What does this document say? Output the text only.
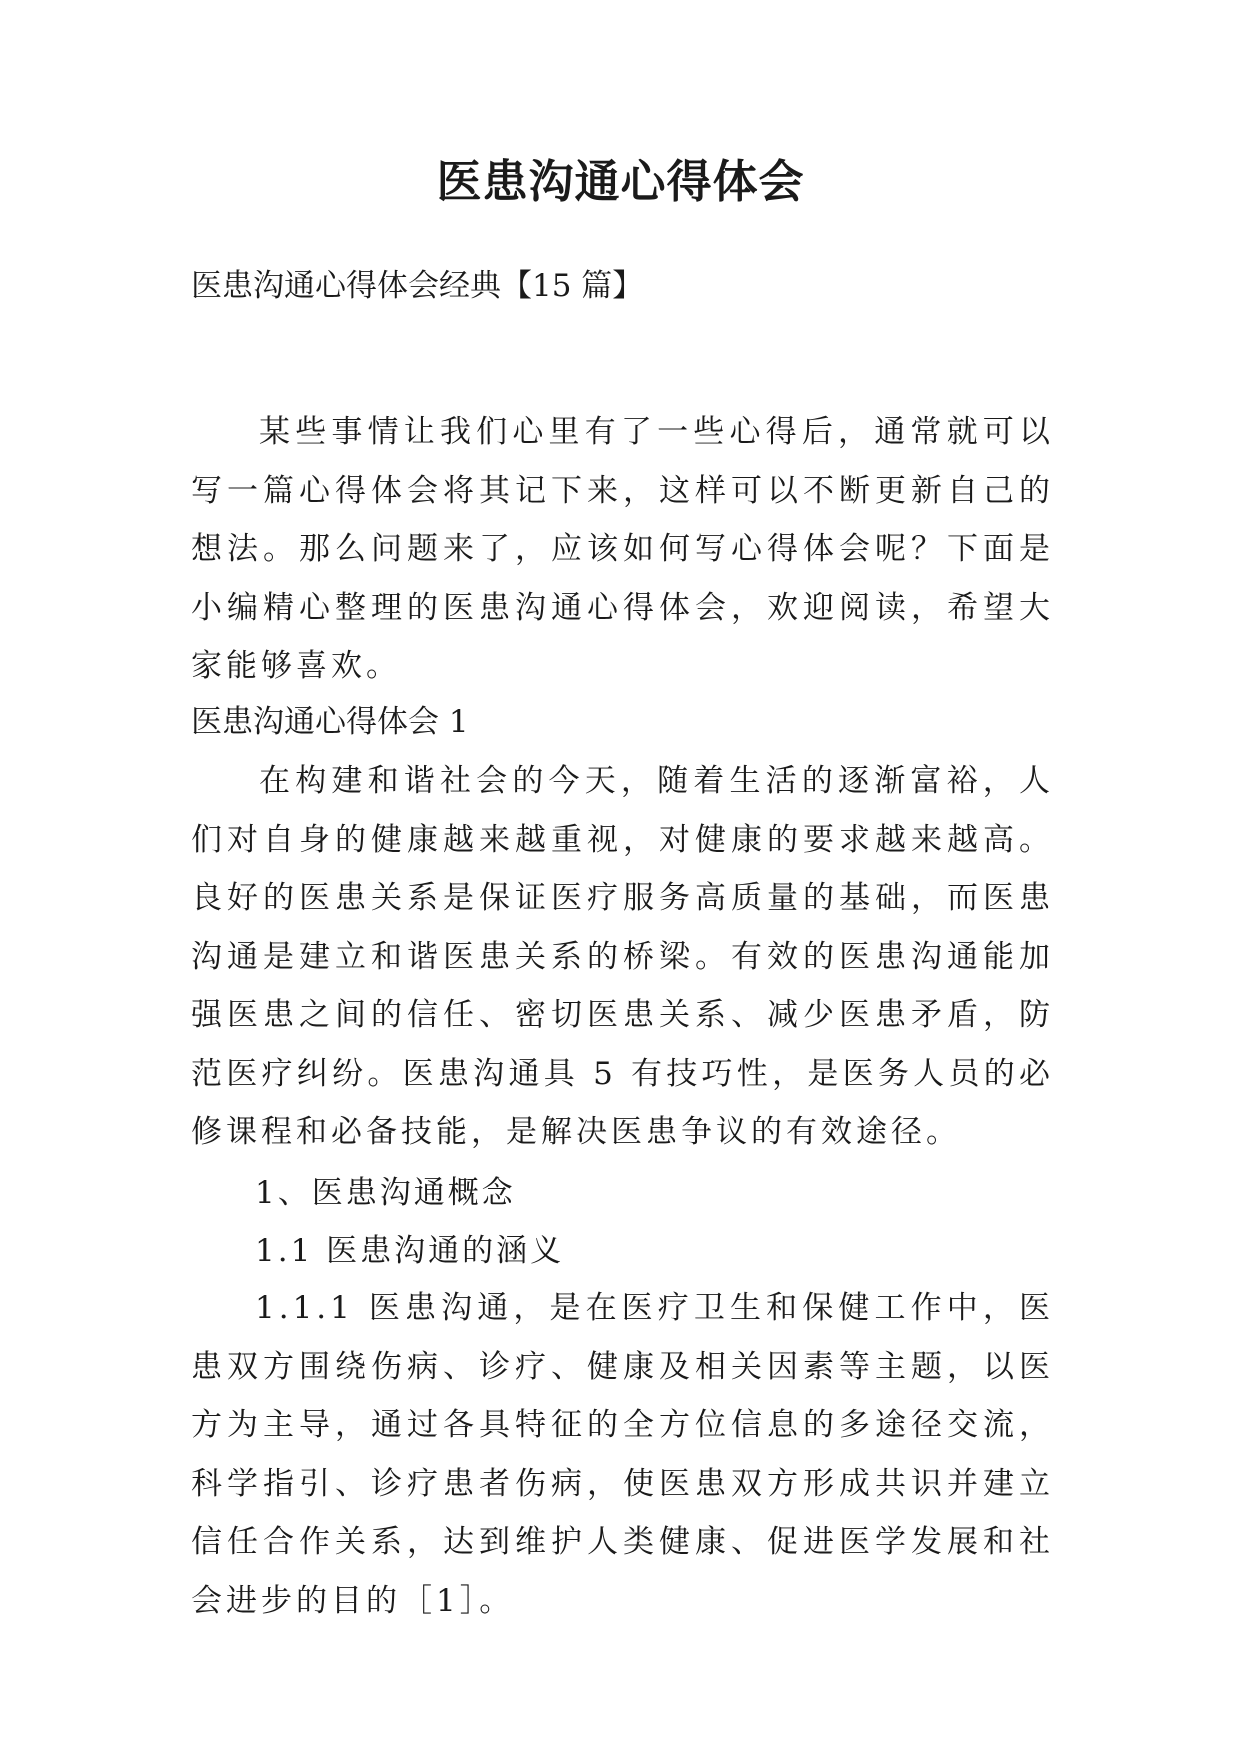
医患沟通心得体会

医患沟通心得体会经典【15 篇】

某些事情让我们心里有了一些心得后，通常就可以写一篇心得体会将其记下来，这样可以不断更新自己的想法。那么问题来了，应该如何写心得体会呢？下面是小编精心整理的医患沟通心得体会，欢迎阅读，希望大家能够喜欢。

医患沟通心得体会 1

在构建和谐社会的今天，随着生活的逐渐富裕，人们对自身的健康越来越重视，对健康的要求越来越高。良好的医患关系是保证医疗服务高质量的基础，而医患沟通是建立和谐医患关系的桥梁。有效的医患沟通能加强医患之间的信任、密切医患关系、减少医患矛盾，防范医疗纠纷。医患沟通具 5 有技巧性，是医务人员的必修课程和必备技能，是解决医患争议的有效途径。

1、医患沟通概念

1.1 医患沟通的涵义

1.1.1 医患沟通，是在医疗卫生和保健工作中，医患双方围绕伤病、诊疗、健康及相关因素等主题，以医方为主导，通过各具特征的全方位信息的多途径交流，科学指引、诊疗患者伤病，使医患双方形成共识并建立信任合作关系，达到维护人类健康、促进医学发展和社会进步的目的［1］。
